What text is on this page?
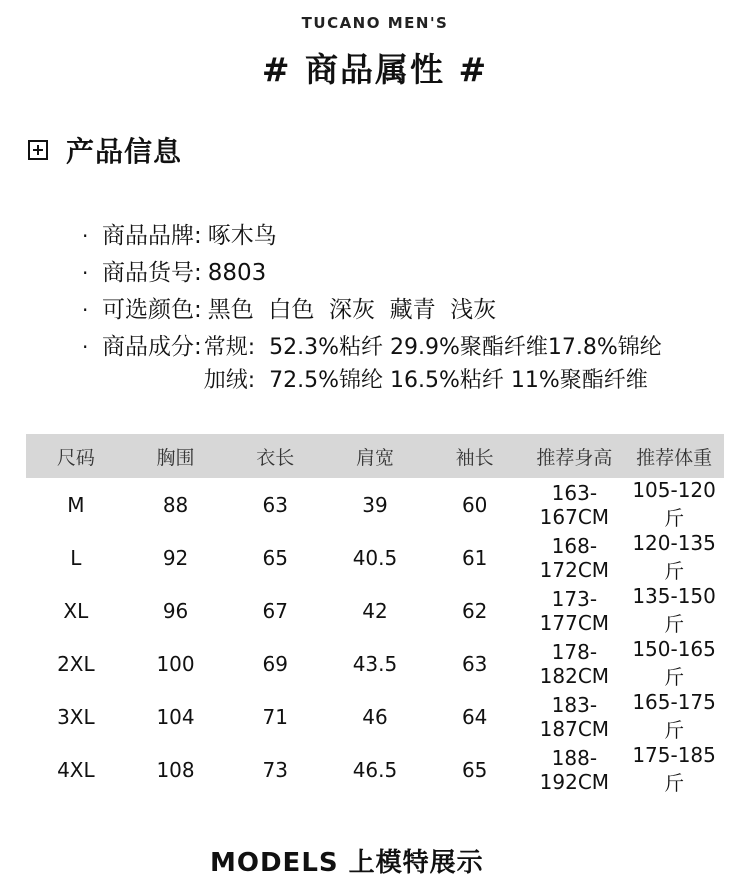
TUCANO MEN'S
# 商品属性 #
产品信息
· 商品品牌: 啄木鸟
· 商品货号: 8803
· 可选颜色: 黑色  白色  深灰  藏青  浅灰
· 商品成分: 常规:  52.3%粘纤 29.9%聚酯纤维17.8%锦纶
加绒:  72.5%锦纶 16.5%粘纤 11%聚酯纤维
尺码	胸围	衣长	肩宽	袖长	推荐身高	推荐体重
M	88	63	39	60	163-167CM	105-120斤
L	92	65	40.5	61	168-172CM	120-135斤
XL	96	67	42	62	173-177CM	135-150斤
2XL	100	69	43.5	63	178-182CM	150-165斤
3XL	104	71	46	64	183-187CM	165-175斤
4XL	108	73	46.5	65	188-192CM	175-185斤
MODELS 上模特展示
